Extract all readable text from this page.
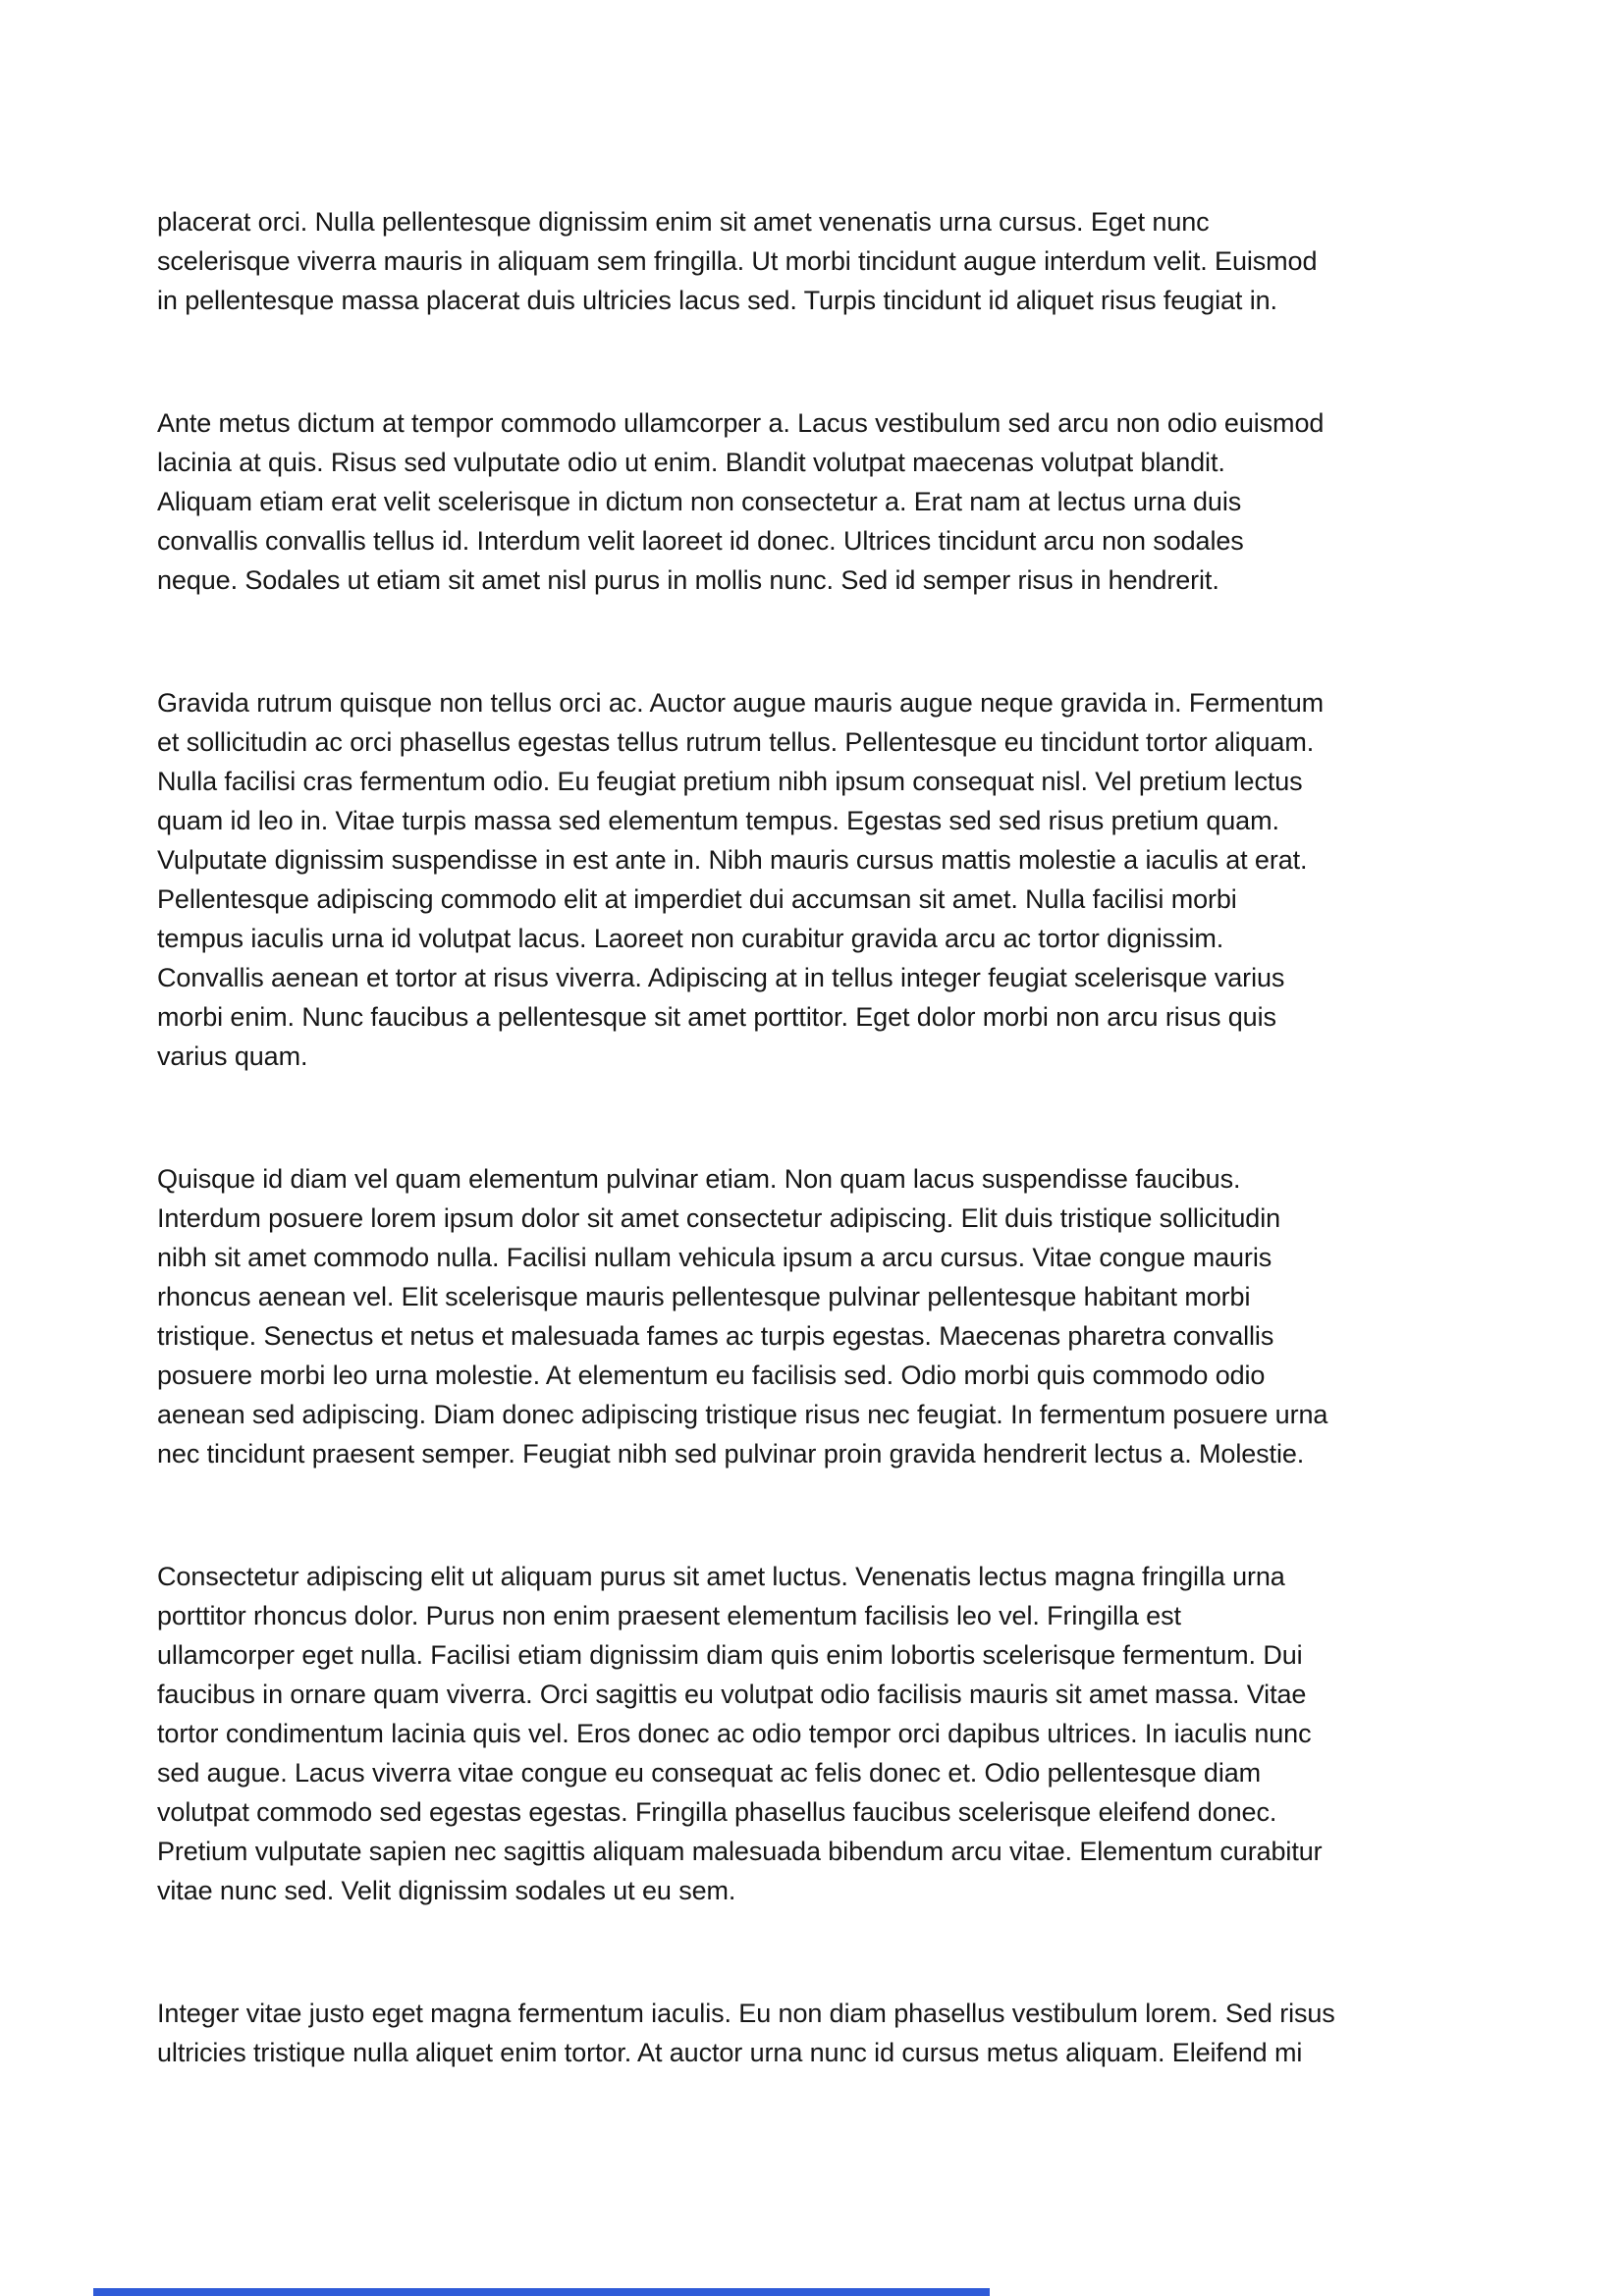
placerat orci. Nulla pellentesque dignissim enim sit amet venenatis urna cursus. Eget nunc
scelerisque viverra mauris in aliquam sem fringilla. Ut morbi tincidunt augue interdum velit. Euismod
in pellentesque massa placerat duis ultricies lacus sed. Turpis tincidunt id aliquet risus feugiat in.
Ante metus dictum at tempor commodo ullamcorper a. Lacus vestibulum sed arcu non odio euismod
lacinia at quis. Risus sed vulputate odio ut enim. Blandit volutpat maecenas volutpat blandit.
Aliquam etiam erat velit scelerisque in dictum non consectetur a. Erat nam at lectus urna duis
convallis convallis tellus id. Interdum velit laoreet id donec. Ultrices tincidunt arcu non sodales
neque. Sodales ut etiam sit amet nisl purus in mollis nunc. Sed id semper risus in hendrerit.
Gravida rutrum quisque non tellus orci ac. Auctor augue mauris augue neque gravida in. Fermentum
et sollicitudin ac orci phasellus egestas tellus rutrum tellus. Pellentesque eu tincidunt tortor aliquam.
Nulla facilisi cras fermentum odio. Eu feugiat pretium nibh ipsum consequat nisl. Vel pretium lectus
quam id leo in. Vitae turpis massa sed elementum tempus. Egestas sed sed risus pretium quam.
Vulputate dignissim suspendisse in est ante in. Nibh mauris cursus mattis molestie a iaculis at erat.
Pellentesque adipiscing commodo elit at imperdiet dui accumsan sit amet. Nulla facilisi morbi
tempus iaculis urna id volutpat lacus. Laoreet non curabitur gravida arcu ac tortor dignissim.
Convallis aenean et tortor at risus viverra. Adipiscing at in tellus integer feugiat scelerisque varius
morbi enim. Nunc faucibus a pellentesque sit amet porttitor. Eget dolor morbi non arcu risus quis
varius quam.
Quisque id diam vel quam elementum pulvinar etiam. Non quam lacus suspendisse faucibus.
Interdum posuere lorem ipsum dolor sit amet consectetur adipiscing. Elit duis tristique sollicitudin
nibh sit amet commodo nulla. Facilisi nullam vehicula ipsum a arcu cursus. Vitae congue mauris
rhoncus aenean vel. Elit scelerisque mauris pellentesque pulvinar pellentesque habitant morbi
tristique. Senectus et netus et malesuada fames ac turpis egestas. Maecenas pharetra convallis
posuere morbi leo urna molestie. At elementum eu facilisis sed. Odio morbi quis commodo odio
aenean sed adipiscing. Diam donec adipiscing tristique risus nec feugiat. In fermentum posuere urna
nec tincidunt praesent semper. Feugiat nibh sed pulvinar proin gravida hendrerit lectus a. Molestie.
Consectetur adipiscing elit ut aliquam purus sit amet luctus. Venenatis lectus magna fringilla urna
porttitor rhoncus dolor. Purus non enim praesent elementum facilisis leo vel. Fringilla est
ullamcorper eget nulla. Facilisi etiam dignissim diam quis enim lobortis scelerisque fermentum. Dui
faucibus in ornare quam viverra. Orci sagittis eu volutpat odio facilisis mauris sit amet massa. Vitae
tortor condimentum lacinia quis vel. Eros donec ac odio tempor orci dapibus ultrices. In iaculis nunc
sed augue. Lacus viverra vitae congue eu consequat ac felis donec et. Odio pellentesque diam
volutpat commodo sed egestas egestas. Fringilla phasellus faucibus scelerisque eleifend donec.
Pretium vulputate sapien nec sagittis aliquam malesuada bibendum arcu vitae. Elementum curabitur
vitae nunc sed. Velit dignissim sodales ut eu sem.
Integer vitae justo eget magna fermentum iaculis. Eu non diam phasellus vestibulum lorem. Sed risus
ultricies tristique nulla aliquet enim tortor. At auctor urna nunc id cursus metus aliquam. Eleifend mi
